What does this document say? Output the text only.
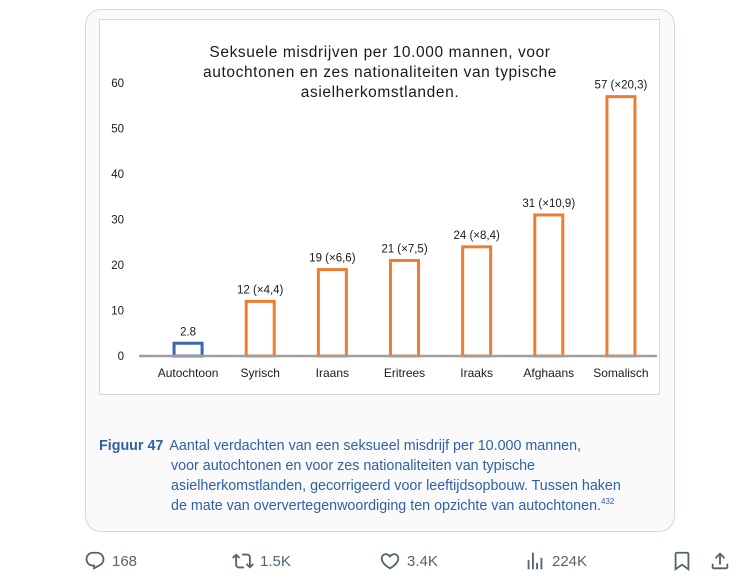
Seksuele misdrijven per 10.000 mannen, voor
autochtonen en zes nationaliteiten van typische
asielherkomstlanden.
0
10
20
30
40
50
60
2.8
12 (×4,4)
19 (×6,6)
21 (×7,5)
24 (×8,4)
31 (×10,9)
57 (×20,3)
Autochtoon Syrisch	Iraans	Eritrees	Iraaks	Afghaans Somalisch
Figuur 47 Aantal verdachten van een seksueel misdrijf per 10.000 mannen,
voor autochtonen en voor zes nationaliteiten van typische
asielherkomstlanden, gecorrigeerd voor leeftijdsopbouw. Tussen haken
de mate van oververtegenwoordiging ten opzichte van autochtonen.$^{432}$
168	1.5K	3.4K	224K
